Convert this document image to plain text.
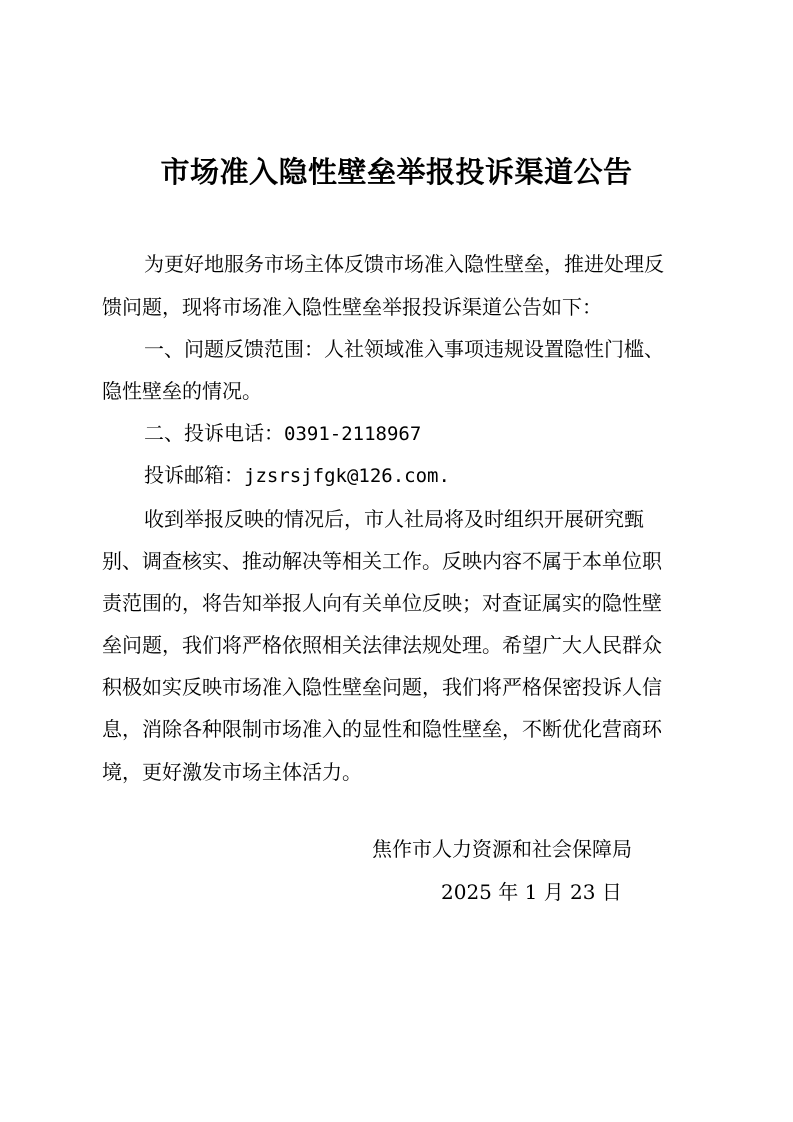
市场准入隐性壁垒举报投诉渠道公告
为更好地服务市场主体反馈市场准入隐性壁垒，推进处理反
馈问题，现将市场准入隐性壁垒举报投诉渠道公告如下：
一、问题反馈范围：人社领域准入事项违规设置隐性门槛、
隐性壁垒的情况。
二、投诉电话：0391-2118967
投诉邮箱：jzsrsjfgk@126.com.
收到举报反映的情况后，市人社局将及时组织开展研究甄
别、调查核实、推动解决等相关工作。反映内容不属于本单位职
责范围的，将告知举报人向有关单位反映；对查证属实的隐性壁
垒问题，我们将严格依照相关法律法规处理。希望广大人民群众
积极如实反映市场准入隐性壁垒问题，我们将严格保密投诉人信
息，消除各种限制市场准入的显性和隐性壁垒，不断优化营商环
境，更好激发市场主体活力。
焦作市人力资源和社会保障局
2025 年 1 月 23 日
